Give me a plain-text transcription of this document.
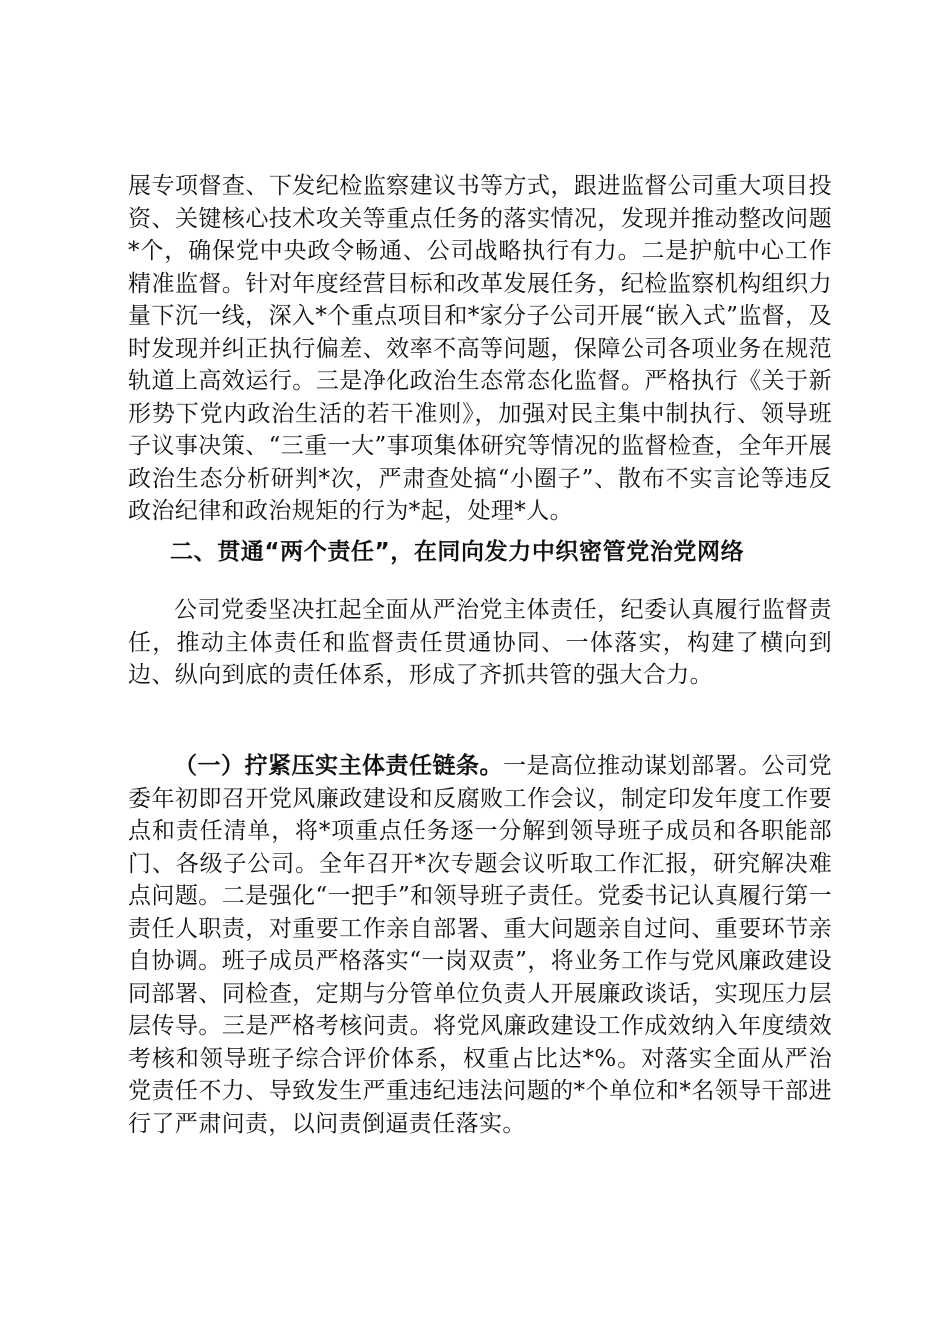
展专项督查、下发纪检监察建议书等方式，跟进监督公司重大项目投资、关键核心技术攻关等重点任务的落实情况，发现并推动整改问题*个，确保党中央政令畅通、公司战略执行有力。二是护航中心工作精准监督。针对年度经营目标和改革发展任务，纪检监察机构组织力量下沉一线，深入*个重点项目和*家分子公司开展“嵌入式”监督，及时发现并纠正执行偏差、效率不高等问题，保障公司各项业务在规范轨道上高效运行。三是净化政治生态常态化监督。严格执行《关于新形势下党内政治生活的若干准则》，加强对民主集中制执行、领导班子议事决策、“三重一大”事项集体研究等情况的监督检查，全年开展政治生态分析研判*次，严肃查处搞“小圈子”、散布不实言论等违反政治纪律和政治规矩的行为*起，处理*人。

二、贯通“两个责任”，在同向发力中织密管党治党网络

公司党委坚决扛起全面从严治党主体责任，纪委认真履行监督责任，推动主体责任和监督责任贯通协同、一体落实，构建了横向到边、纵向到底的责任体系，形成了齐抓共管的强大合力。

（一）拧紧压实主体责任链条。一是高位推动谋划部署。公司党委年初即召开党风廉政建设和反腐败工作会议，制定印发年度工作要点和责任清单，将*项重点任务逐一分解到领导班子成员和各职能部门、各级子公司。全年召开*次专题会议听取工作汇报，研究解决难点问题。二是强化“一把手”和领导班子责任。党委书记认真履行第一责任人职责，对重要工作亲自部署、重大问题亲自过问、重要环节亲自协调。班子成员严格落实“一岗双责”，将业务工作与党风廉政建设同部署、同检查，定期与分管单位负责人开展廉政谈话，实现压力层层传导。三是严格考核问责。将党风廉政建设工作成效纳入年度绩效考核和领导班子综合评价体系，权重占比达*%。对落实全面从严治党责任不力、导致发生严重违纪违法问题的*个单位和*名领导干部进行了严肃问责，以问责倒逼责任落实。
